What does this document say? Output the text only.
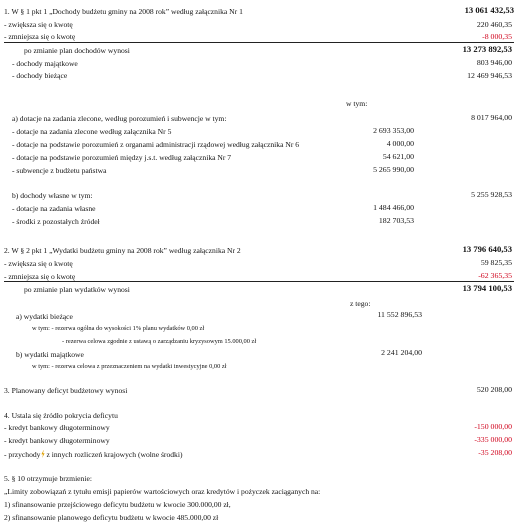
1. W § 1 pkt 1 „Dochody budżetu gminy na 2008 rok” według załącznika Nr 1	13 061 432,53
- zwiększa się o kwotę	220 460,35
- zmniejsza się o kwotę	-8 000,35
po zmianie plan dochodów wynosi	13 273 892,53
- dochody majątkowe	803 946,00
- dochody bieżące	12 469 946,53
w tym:
a) dotacje na zadania zlecone, według porozumień i subwencje w tym:	8 017 964,00
- dotacje na zadania zlecone według załącznika Nr 5	2 693 353,00
- dotacje na podstawie porozumień z organami administracji rządowej według załącznika Nr 6	4 000,00
- dotacje na podstawie porozumień między j.s.t. według załącznika Nr 7	54 621,00
- subwencje z budżetu państwa	5 265 990,00
b) dochody własne w tym:	5 255 928,53
- dotacje na zadania własne	1 484 466,00
- środki z pozostałych źródeł	182 703,53
2. W § 2 pkt 1 „Wydatki budżetu gminy na 2008 rok” według załącznika Nr 2	13 796 640,53
- zwiększa się o kwotę	59 825,35
- zmniejsza się o kwotę	-62 365,35
po zmianie plan wydatków wynosi	13 794 100,53
z tego:
a) wydatki bieżące	11 552 896,53
w tym: - rezerwa ogólna do wysokości 1% planu wydatków 0,00 zł
- rezerwa celowa zgodnie z ustawą o zarządzaniu kryzysowym 15.000,00 zł
b) wydatki majątkowe	2 241 204,00
w tym: - rezerwa celowa z przeznaczeniem na wydatki inwestycyjne 0,00 zł
3. Planowany deficyt budżetowy wynosi	520 208,00
4. Ustala się źródło pokrycia deficytu
- kredyt bankowy długoterminowy	-150 000,00
- kredyt bankowy długoterminowy	-335 000,00
- przychody z innych rozliczeń krajowych (wolne środki)	-35 208,00
5. § 10 otrzymuje brzmienie:
„Limity zobowiązań z tytułu emisji papierów wartościowych oraz kredytów i pożyczek zaciąganych na:
1) sfinansowanie przejściowego deficytu budżetu w kwocie 300.000,00 zł,
2) sfinansowanie planowego deficytu budżetu w kwocie 485.000,00 zł
